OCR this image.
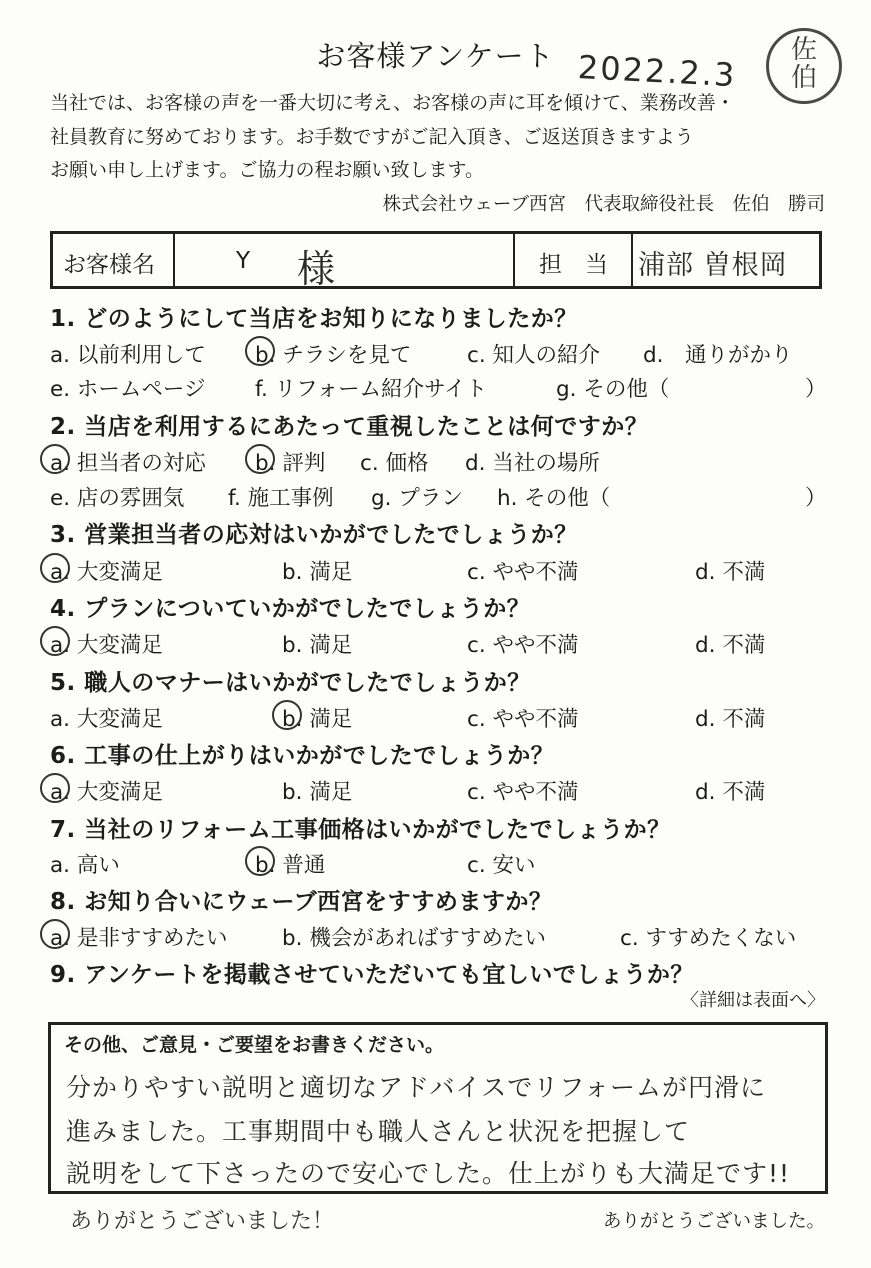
お客様アンケート 2022.2.3	佐
伯
当社では、お客様の声を一番大切に考え、お客様の声に耳を傾けて、業務改善・
社員教育に努めております。お手数ですがご記入頂き、ご返送頂きますよう
お願い申し上げます。ご協力の程お願い致します。
株式会社ウェーブ西宮　代表取締役社長　佐伯　勝司
お客様名	Y 様	担　当 浦部 曽根岡
1. どのようにして当店をお知りになりましたか？
a. 以前利用して b. チラシを見て	c. 知人の紹介 d.　通りがかり
e. ホームページ f. リフォーム紹介サイト	g. その他（	）
2. 当店を利用するにあたって重視したことは何ですか？
a. 担当者の対応 b. 評判 c. 価格 d. 当社の場所
e. 店の雰囲気 f. 施工事例 g. プラン h. その他（	）
3. 営業担当者の応対はいかがでしたでしょうか？
a. 大変満足	b. 満足	c. やや不満	d. 不満
4. プランについていかがでしたでしょうか？
a. 大変満足	b. 満足	c. やや不満	d. 不満
5. 職人のマナーはいかがでしたでしょうか？
a. 大変満足	b. 満足	c. やや不満	d. 不満
6. 工事の仕上がりはいかがでしたでしょうか？
a. 大変満足	b. 満足	c. やや不満	d. 不満
7. 当社のリフォーム工事価格はいかがでしたでしょうか？
a. 高い	b. 普通	c. 安い
8. お知り合いにウェーブ西宮をすすめますか？
a. 是非すすめたい	b. 機会があればすすめたい	c. すすめたくない
9. アンケートを掲載させていただいても宜しいでしょうか？
〈詳細は表面へ〉
その他、ご意見・ご要望をお書きください。
分かりやすい説明と適切なアドバイスでリフォームが円滑に
進みました。工事期間中も職人さんと状況を把握して
説明をして下さったので安心でした。仕上がりも大満足です!!
ありがとうございました！	ありがとうございました。
